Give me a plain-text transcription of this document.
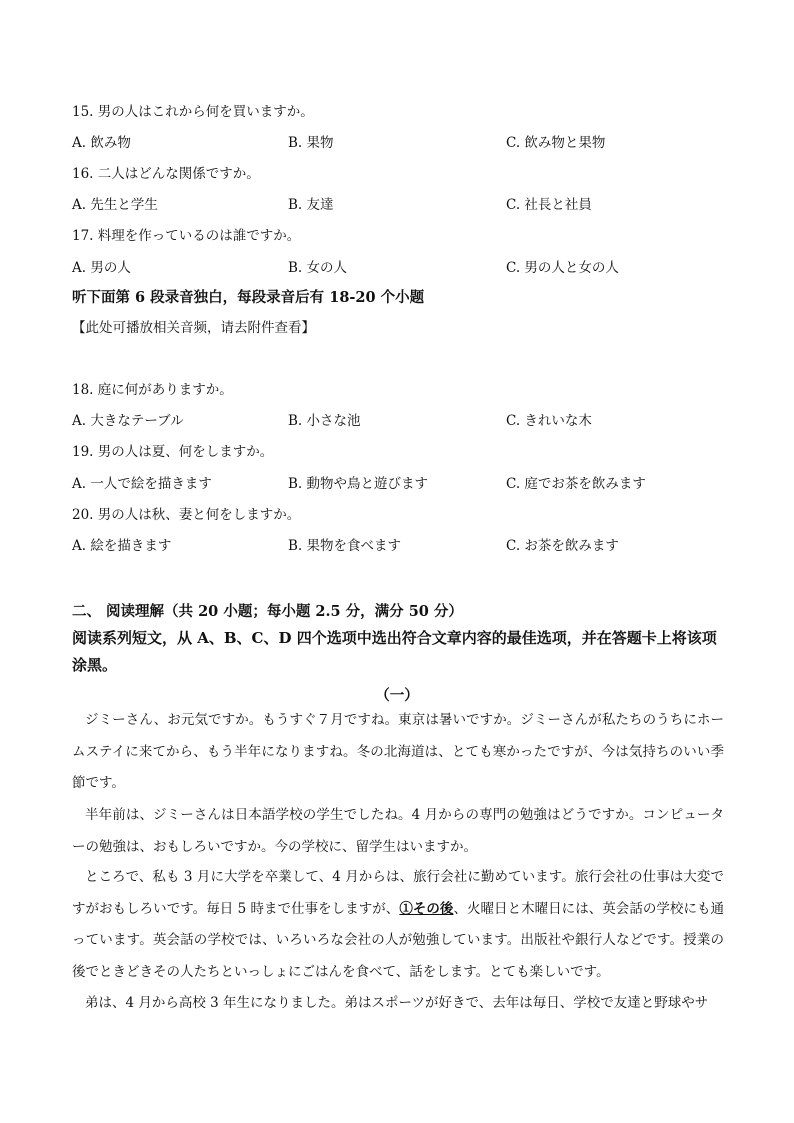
15. 男の人はこれから何を買いますか。
A. 飲み物	B. 果物	C. 飲み物と果物
16. 二人はどんな関係ですか。
A. 先生と学生	B. 友達	C. 社長と社員
17. 料理を作っているのは誰ですか。
A. 男の人	B. 女の人	C. 男の人と女の人
听下面第 6 段录音独白，每段录音后有 18-20 个小题
【此处可播放相关音频，请去附件查看】
18. 庭に何がありますか。
A. 大きなテーブル	B. 小さな池	C. きれいな木
19. 男の人は夏、何をしますか。
A. 一人で絵を描きます	B. 動物や鳥と遊びます	C. 庭でお茶を飲みます
20. 男の人は秋、妻と何をしますか。
A. 絵を描きます	B. 果物を食べます	C. お茶を飲みます
二、 阅读理解（共 20 小题；每小题 2.5 分，满分 50 分）
阅读系列短文，从 A、B、C、D 四个选项中选出符合文章内容的最佳选项，并在答题卡上将该项涂黑。
（一）
ジミーさん、お元気ですか。もうすぐ７月ですね。東京は暑いですか。ジミーさんが私たちのうちにホームステイに来てから、もう半年になりますね。冬の北海道は、とても寒かったですが、今は気持ちのいい季節です。
半年前は、ジミーさんは日本語学校の学生でしたね。4 月からの専門の勉強はどうですか。コンピューターの勉強は、おもしろいですか。今の学校に、留学生はいますか。
ところで、私も 3 月に大学を卒業して、4 月からは、旅行会社に勤めています。旅行会社の仕事は大変ですがおもしろいです。毎日 5 時まで仕事をしますが、①その後、火曜日と木曜日には、英会話の学校にも通っています。英会話の学校では、いろいろな会社の人が勉強しています。出版社や銀行人などです。授業の後でときどきその人たちといっしょにごはんを食べて、話をします。とても楽しいです。
弟は、4 月から高校 3 年生になりました。弟はスポーツが好きで、去年は毎日、学校で友達と野球やサ
